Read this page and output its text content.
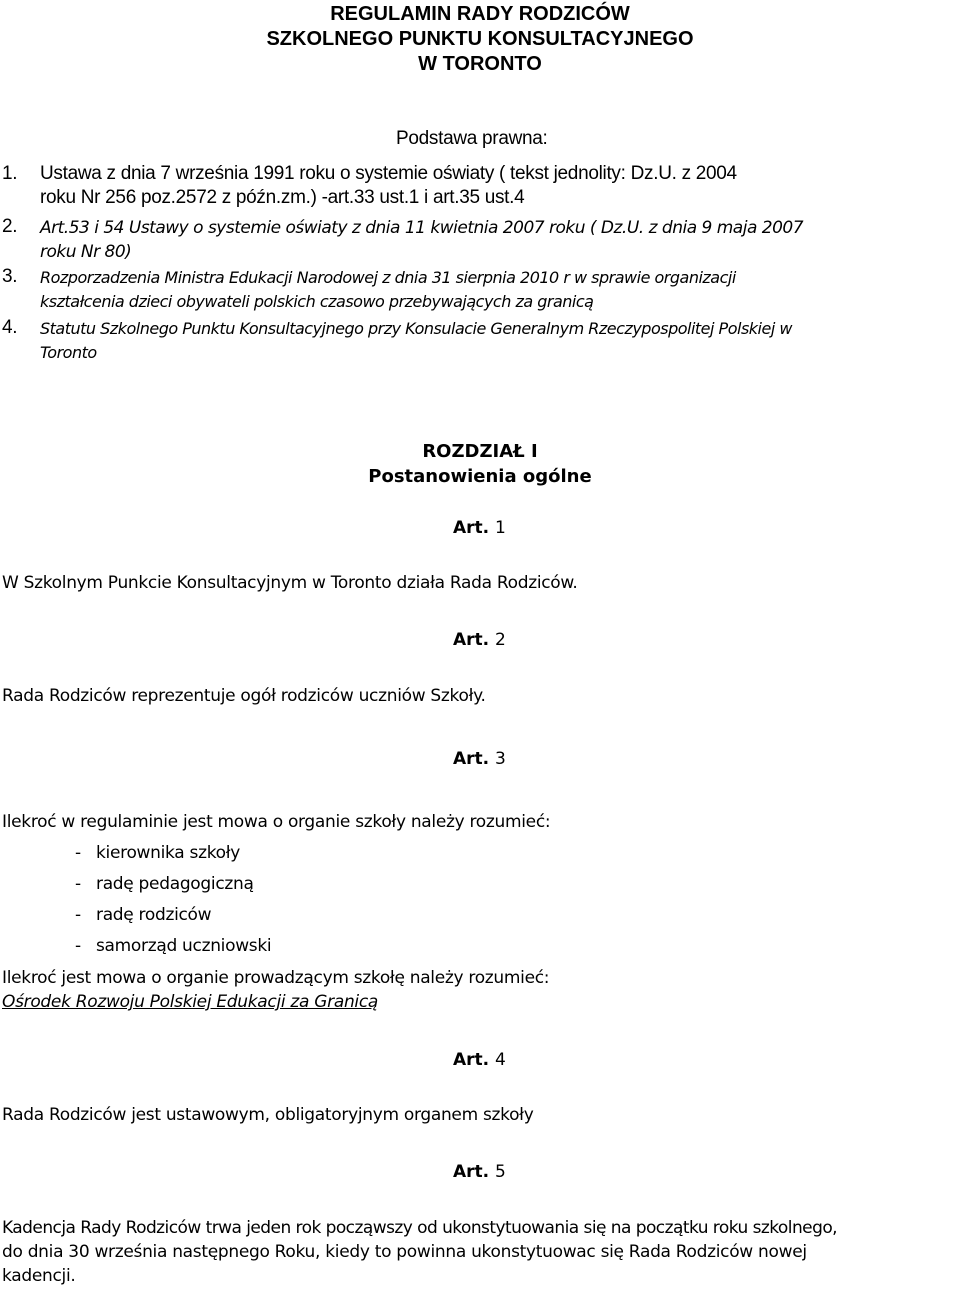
REGULAMIN RADY RODZICÓW
SZKOLNEGO PUNKTU KONSULTACYJNEGO
W TORONTO
Podstawa prawna:
1. Ustawa z dnia 7 września 1991 roku o systemie oświaty ( tekst jednolity: Dz.U. z 2004
roku Nr 256 poz.2572 z późn.zm.) -art.33 ust.1 i art.35 ust.4
2. Art.53 i 54 Ustawy o systemie oświaty z dnia 11 kwietnia 2007 roku ( Dz.U. z dnia 9 maja 2007
roku Nr 80)
3. Rozporzadzenia Ministra Edukacji Narodowej z dnia 31 sierpnia 2010 r w sprawie organizacji
kształcenia dzieci obywateli polskich czasowo przebywających za granicą
4. Statutu Szkolnego Punktu Konsultacyjnego przy Konsulacie Generalnym Rzeczypospolitej Polskiej w
Toronto
ROZDZIAŁ I
Postanowienia ogólne
Art. 1
W Szkolnym Punkcie Konsultacyjnym w Toronto działa Rada Rodziców.
Art. 2
Rada Rodziców reprezentuje ogół rodziców uczniów Szkoły.
Art. 3
Ilekroć w regulaminie jest mowa o organie szkoły należy rozumieć:
- kierownika szkoły
- radę pedagogiczną
- radę rodziców
- samorząd uczniowski
Ilekroć jest mowa o organie prowadzącym szkołę należy rozumieć:
Ośrodek Rozwoju Polskiej Edukacji za Granicą
Art. 4
Rada Rodziców jest ustawowym, obligatoryjnym organem szkoły
Art. 5
Kadencja Rady Rodziców trwa jeden rok począwszy od ukonstytuowania się na początku roku szkolnego,
do dnia 30 września następnego Roku, kiedy to powinna ukonstytuowac się Rada Rodziców nowej
kadencji.
